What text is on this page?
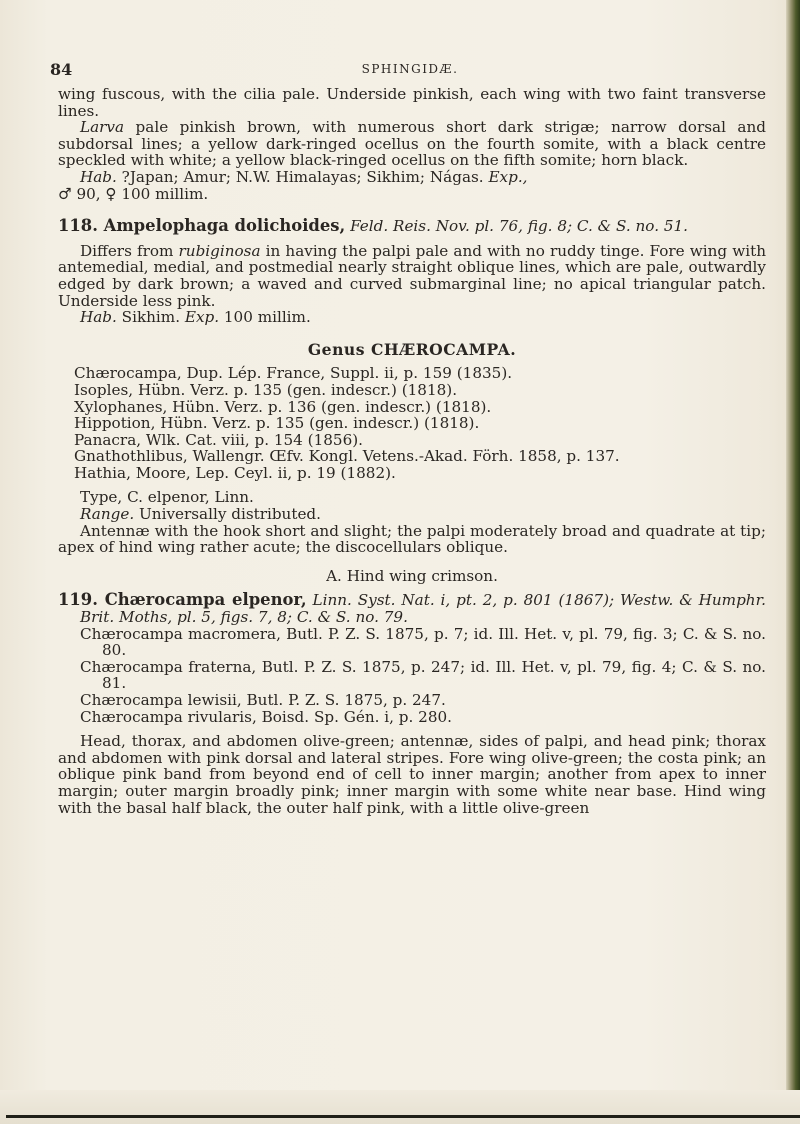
84	SPHINGIDÆ.

wing fuscous, with the cilia pale. Underside pinkish, each wing with two faint transverse lines.

Larva pale pinkish brown, with numerous short dark strigæ; narrow dorsal and subdorsal lines; a yellow dark-ringed ocellus on the fourth somite, with a black centre speckled with white; a yellow black-ringed ocellus on the fifth somite; horn black.

Hab. ?Japan; Amur; N.W. Himalayas; Sikhim; Nágas. Exp.,
♂ 90, ♀ 100 millim.

118. Ampelophaga dolichoides, Feld. Reis. Nov. pl. 76, fig. 8; C. & S. no. 51.

Differs from rubiginosa in having the palpi pale and with no ruddy tinge. Fore wing with antemedial, medial, and postmedial nearly straight oblique lines, which are pale, outwardly edged by dark brown; a waved and curved submarginal line; no apical triangular patch. Underside less pink.

Hab. Sikhim. Exp. 100 millim.

Genus CHÆROCAMPA.

Chærocampa, Dup. Lép. France, Suppl. ii, p. 159 (1835).

Isoples, Hübn. Verz. p. 135 (gen. indescr.) (1818).

Xylophanes, Hübn. Verz. p. 136 (gen. indescr.) (1818).

Hippotion, Hübn. Verz. p. 135 (gen. indescr.) (1818).

Panacra, Wlk. Cat. viii, p. 154 (1856).

Gnathothlibus, Wallengr. Œfv. Kongl. Vetens.-Akad. Förh. 1858, p. 137.

Hathia, Moore, Lep. Ceyl. ii, p. 19 (1882).

Type, C. elpenor, Linn.

Range. Universally distributed.

Antennæ with the hook short and slight; the palpi moderately broad and quadrate at tip; apex of hind wing rather acute; the discocellulars oblique.

A. Hind wing crimson.

119. Chærocampa elpenor, Linn. Syst. Nat. i, pt. 2, p. 801 (1867); Westw. & Humphr. Brit. Moths, pl. 5, figs. 7, 8; C. & S. no. 79.

Chærocampa macromera, Butl. P. Z. S. 1875, p. 7; id. Ill. Het. v, pl. 79, fig. 3; C. & S. no. 80.

Chærocampa fraterna, Butl. P. Z. S. 1875, p. 247; id. Ill. Het. v, pl. 79, fig. 4; C. & S. no. 81.

Chærocampa lewisii, Butl. P. Z. S. 1875, p. 247.

Chærocampa rivularis, Boisd. Sp. Gén. i, p. 280.

Head, thorax, and abdomen olive-green; antennæ, sides of palpi, and head pink; thorax and abdomen with pink dorsal and lateral stripes. Fore wing olive-green; the costa pink; an oblique pink band from beyond end of cell to inner margin; another from apex to inner margin; outer margin broadly pink; inner margin with some white near base. Hind wing with the basal half black, the outer half pink, with a little olive-green
